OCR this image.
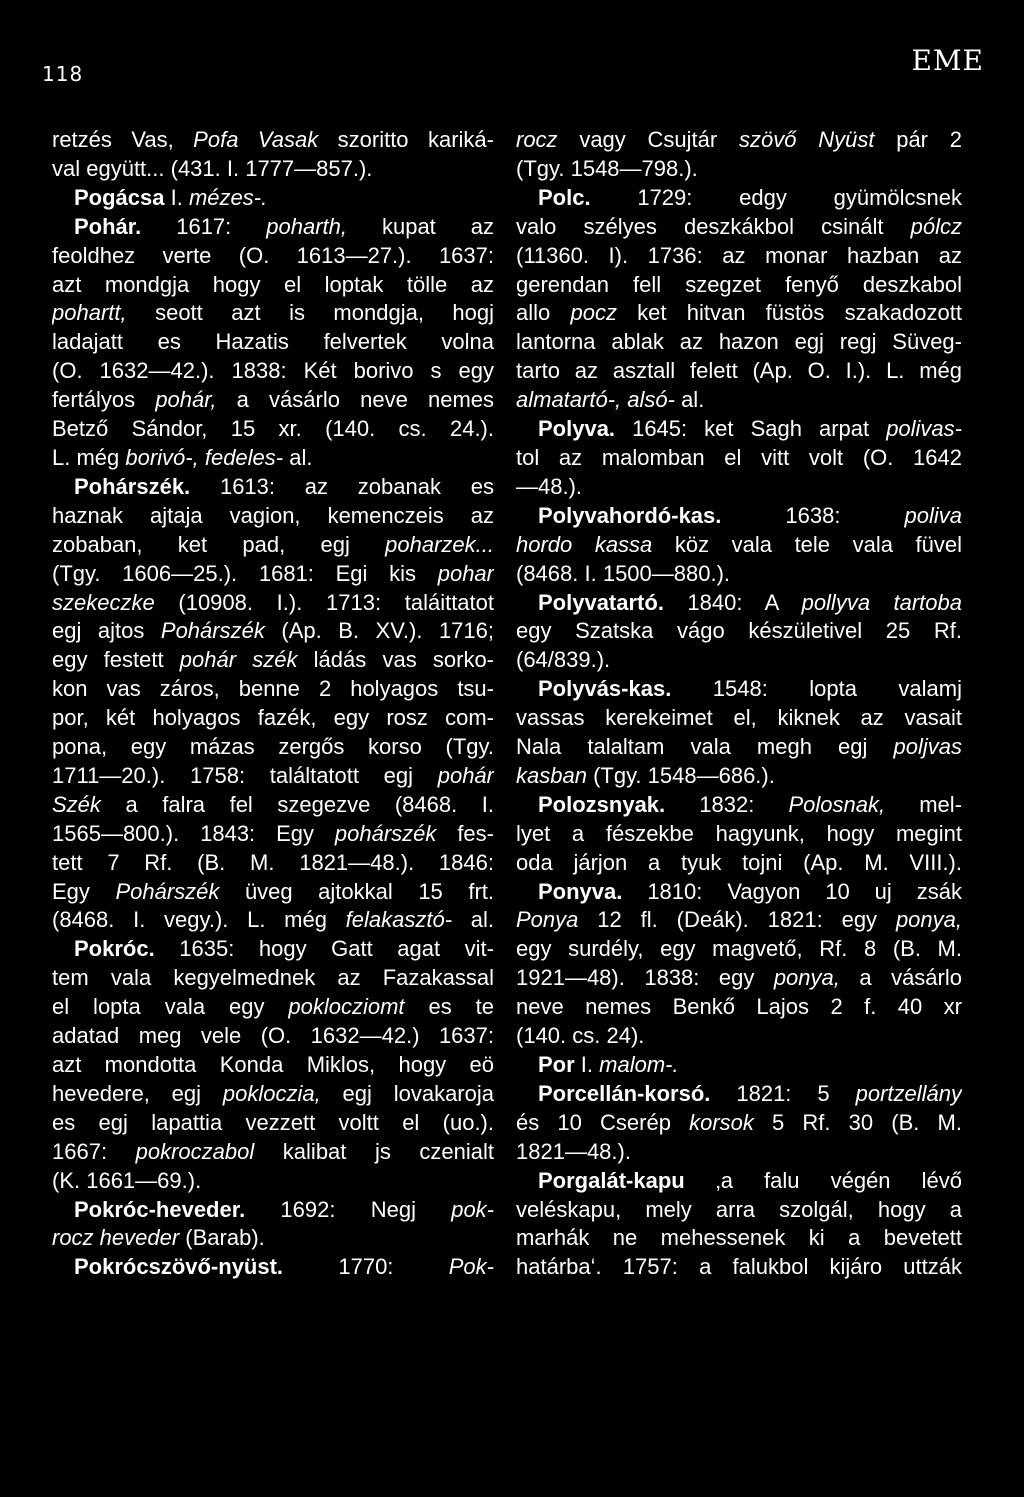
118	EME
retzés Vas, Pofa Vasak szoritto kariká-
val együtt... (431. I. 1777—857.).
Pogácsa I. mézes-.
Pohár. 1617: poharth, kupat az
feoldhez verte (O. 1613—27.). 1637:
azt mondgja hogy el loptak tölle az
pohartt, seott azt is mondgja, hogj
ladajatt es Hazatis felvertek volna
(O. 1632—42.). 1838: Két borivo s egy
fertályos pohár, a vásárlo neve nemes
Betző Sándor, 15 xr. (140. cs. 24.).
L. még borivó-, fedeles- al.
Pohárszék. 1613: az zobanak es
haznak ajtaja vagion, kemenczeis az
zobaban, ket pad, egj poharzek...
(Tgy. 1606—25.). 1681: Egi kis pohar
szekeczke (10908. I.). 1713: taláittatot
egj ajtos Pohárszék (Ap. B. XV.). 1716;
egy festett pohár szék ládás vas sorko-
kon vas záros, benne 2 holyagos tsu-
por, két holyagos fazék, egy rosz com-
pona, egy mázas zergős korso (Tgy.
1711—20.). 1758: találtatott egj pohár
Szék a falra fel szegezve (8468. I.
1565—800.). 1843: Egy pohárszék fes-
tett 7 Rf. (B. M. 1821—48.). 1846:
Egy Pohárszék üveg ajtokkal 15 frt.
(8468. I. vegy.). L. még felakasztó- al.
Pokróc. 1635: hogy Gatt agat vit-
tem vala kegyelmednek az Fazakassal
el lopta vala egy poklocziomt es te
adatad meg vele (O. 1632—42.) 1637:
azt mondotta Konda Miklos, hogy eö
hevedere, egj pokloczia, egj lovakaroja
es egj lapattia vezzett voltt el (uo.).
1667: pokroczabol kalibat js czenialt
(K. 1661—69.).
Pokróc-heveder. 1692: Negj pok-
rocz heveder (Barab).
Pokrócszövő-nyüst. 1770: Pok-
rocz vagy Csujtár szövő Nyüst pár 2
(Tgy. 1548—798.).
Polc. 1729: edgy gyümölcsnek
valo szélyes deszkákbol csinált pólcz
(11360. I). 1736: az monar hazban az
gerendan fell szegzet fenyő deszkabol
allo pocz ket hitvan füstös szakadozott
lantorna ablak az hazon egj regj Süveg-
tarto az asztall felett (Ap. O. I.). L. még
almatartó-, alsó- al.
Polyva. 1645: ket Sagh arpat polivas-
tol az malomban el vitt volt (O. 1642
—48.).
Polyvahordó-kas. 1638: poliva
hordo kassa köz vala tele vala füvel
(8468. I. 1500—880.).
Polyvatartó. 1840: A pollyva tartoba
egy Szatska vágo készületivel 25 Rf.
(64/839.).
Polyvás-kas. 1548: lopta valamj
vassas kerekeimet el, kiknek az vasait
Nala talaltam vala megh egj poljvas
kasban (Tgy. 1548—686.).
Polozsnyak. 1832: Polosnak, mel-
lyet a fészekbe hagyunk, hogy megint
oda járjon a tyuk tojni (Ap. M. VIII.).
Ponyva. 1810: Vagyon 10 uj zsák
Ponya 12 fl. (Deák). 1821: egy ponya,
egy surdély, egy magvető, Rf. 8 (B. M.
1921—48). 1838: egy ponya, a vásárlo
neve nemes Benkő Lajos 2 f. 40 xr
(140. cs. 24).
Por I. malom-.
Porcellán-korsó. 1821: 5 portzellány
és 10 Cserép korsok 5 Rf. 30 (B. M.
1821—48.).
Porgalát-kapu ‚a falu végén lévő
veléskapu, mely arra szolgál, hogy a
marhák ne mehessenek ki a bevetett
határba‘. 1757: a falukbol kijáro uttzák
